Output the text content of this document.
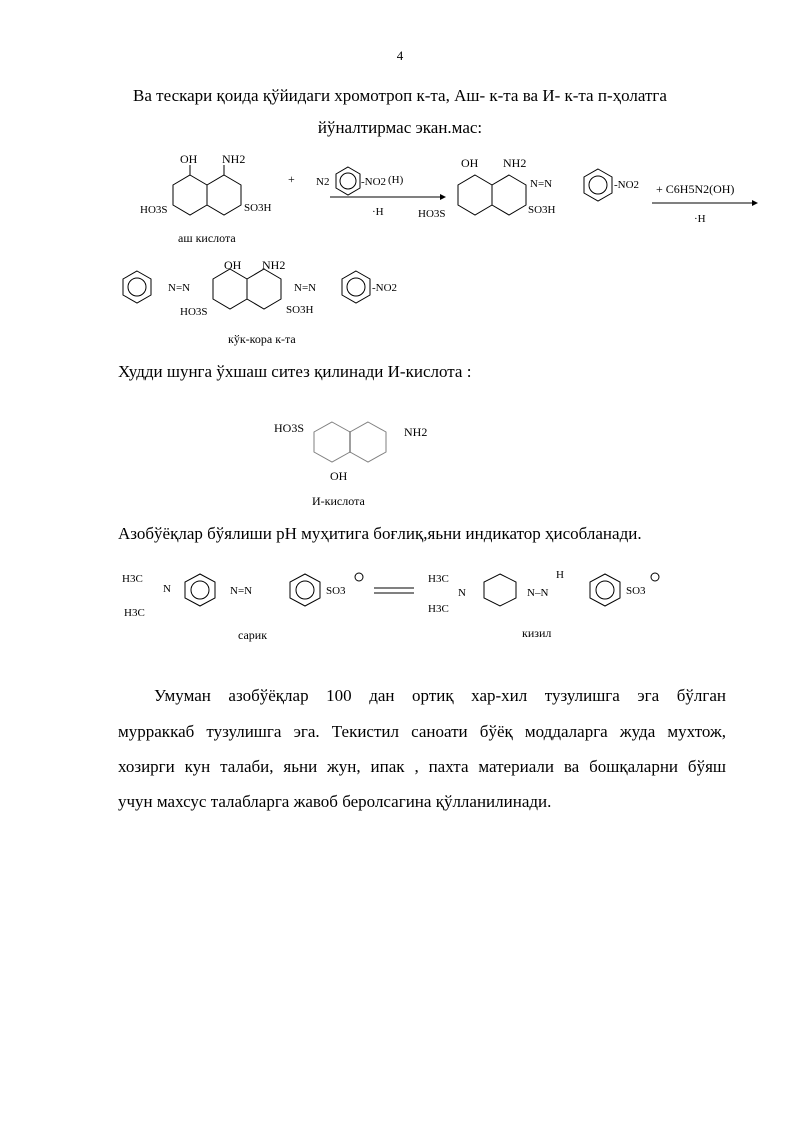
4
Ва тескари қоида қўйидаги хромотроп к-та, Аш- к-та ва И- к-та п-ҳолатга
йўналтирмас экан.мас:
OH NH2
HO3S	SO3H
аш кислота
+ N2	-NO2 (H)
·H
OH NH2
N=N	-NO2
HO3S	SO3H
+ C6H5N2(OH)
·H
N=N
OH NH2
N=N	-NO2
HO3S	SO3H
кўк-кора к-та
Худди шунга ўхшаш ситез қилинади И-кислота :
HO3S	NH2
OH
И-кислота
Азобўёқлар бўялиши pH муҳитига боғлиқ,яьни индикатор ҳисобланади.
H3C
N
H3C
N=N	SO3
сарик
H3C
N
H3C
N–N
H
SO3
кизил
Умуман азобўёқлар 100 дан ортиқ хар-хил тузулишга эга бўлган
мурраккаб тузулишга эга. Текистил саноати бўёқ моддаларга жуда мухтож,
хозирги кун талаби, яьни жун, ипак , пахта материали ва бошқаларни бўяш
учун махсус талабларга жавоб беролсагина қўлланилинади.
